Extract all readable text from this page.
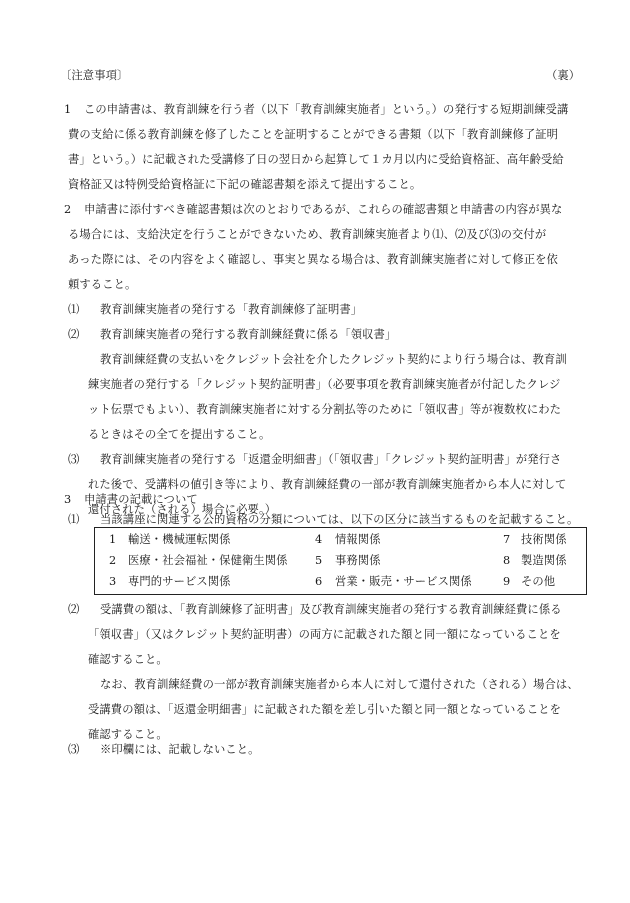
〔注意事項〕	（裏）
1 この申請書は、教育訓練を行う者（以下「教育訓練実施者」という。）の発行する短期訓練受講
費の支給に係る教育訓練を修了したことを証明することができる書類（以下「教育訓練修了証明
書」という。）に記載された受講修了日の翌日から起算して１カ月以内に受給資格証、高年齢受給
資格証又は特例受給資格証に下記の確認書類を添えて提出すること。
2 申請書に添付すべき確認書類は次のとおりであるが、これらの確認書類と申請書の内容が異な
る場合には、支給決定を行うことができないため、教育訓練実施者より⑴、⑵及び⑶の交付が
あった際には、その内容をよく確認し、事実と異なる場合は、教育訓練実施者に対して修正を依
頼すること。
⑴ 教育訓練実施者の発行する「教育訓練修了証明書」
⑵ 教育訓練実施者の発行する教育訓練経費に係る「領収書」
教育訓練経費の支払いをクレジット会社を介したクレジット契約により行う場合は、教育訓
練実施者の発行する「クレジット契約証明書」（必要事項を教育訓練実施者が付記したクレジ
ット伝票でもよい）、教育訓練実施者に対する分割払等のために「領収書」等が複数枚にわた
るときはその全てを提出すること。
⑶ 教育訓練実施者の発行する「返還金明細書」（「領収書」「クレジット契約証明書」が発行さ
れた後で、受講料の値引き等により、教育訓練経費の一部が教育訓練実施者から本人に対して
還付された（される）場合に必要。）
3 申請書の記載について
⑴ 当該講座に関連する公的資格の分類については、以下の区分に該当するものを記載すること。
1 輸送・機械運転関係
2 医療・社会福祉・保健衛生関係
3 専門的サービス関係
4 情報関係
5 事務関係
6 営業・販売・サービス関係
7 技術関係
8 製造関係
9 その他
⑵ 受講費の額は、「教育訓練修了証明書」及び教育訓練実施者の発行する教育訓練経費に係る
「領収書」（又はクレジット契約証明書）の両方に記載された額と同一額になっていることを
確認すること。
なお、教育訓練経費の一部が教育訓練実施者から本人に対して還付された（される）場合は、
受講費の額は、「返還金明細書」に記載された額を差し引いた額と同一額となっていることを
確認すること。
⑶ ※印欄には、記載しないこと。
